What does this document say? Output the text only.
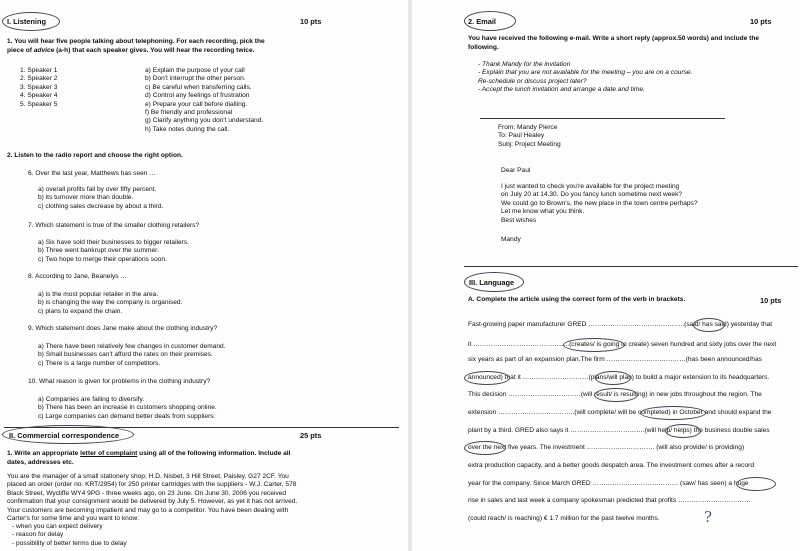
I. Listening	10 pts
1. You will hear five people talking about telephoning. For each recording, pick the
piece of advice (a-h) that each speaker gives. You will hear the recording twice.
1. Speaker 1
2. Speaker 2
3. Speaker 3
4. Speaker 4
5. Speaker 5
a) Explain the purpose of your call
b) Don't interrupt the other person.
c) Be careful when transferring calls.
d) Control any feelings of frustration
e) Prepare your call before dialling.
f) Be friendly and professional
g) Clarify anything you don't understand.
h) Take notes during the call.
2. Listen to the radio report and choose the right option.
6. Over the last year, Matthews has seen …
a) overall profits fall by over fifty percent.
b) its turnover more than double.
c) clothing sales decrease by about a third.
7. Which statement is true of the smaller clothing retailers?
a) Six have sold their businesses to bigger retailers.
b) Three went bankrupt over the summer.
c) Two hope to merge their operations soon.
8. According to Jane, Beanelys …
a) is the most popular retailer in the area.
b) is changing the way the company is organised.
c) plans to expand the chain.
9. Which statement does Jane make about the clothing industry?
a) There have been relatively few changes in customer demand.
b) Small businesses can't afford the rates on their premises.
c) There is a large number of competitors.
10. What reason is given for problems in the clothing industry?
a) Companies are failing to diversify.
b) There has been an increase in customers shopping online.
c) Large companies can demand better deals from suppliers.
II. Commercial correspondence	25 pts
1. Write an appropriate letter of complaint using all of the following information. Include all
dates, addresses etc.
You are the manager of a small stationery shop; H.D. Nisbet, 3 Hill Street, Paisley, G27 2CF. You
placed an order (order no. KRT/2954) for 250 printer cartridges with the suppliers - W.J. Carter, 578
Black Street, Wycliffe WY4 9PG - three weeks ago, on 23 June. On June 30, 2006 you received
confirmation that your consignment would be delivered by July 5. However, as yet it has not arrived.
Your customers are becoming impatient and may go to a competitor. You have been dealing with
Carter's for some time and you want to know:
- when you can expect delivery
- reason for delay
- possibility of better terms due to delay
2. Email	10 pts
You have received the following e-mail. Write a short reply (approx.50 words) and include the
following.
- Thank Mandy for the invitation
- Explain that you are not available for the meeting – you are on a course.
Re-schedule or discuss project later?
- Accept the lunch invitation and arrange a date and time.
From: Mandy Pierce
To: Paul Healey
Subj: Project Meeting
Dear Paul
I just wanted to check you're available for the project meeting
on July 20 at 14.30. Do you fancy lunch sometime next week?
We could go to Brown's, the new place in the town centre perhaps?
Let me know what you think.
Best wishes
Mandy
III. Language
A. Complete the article using the correct form of the verb in brackets.	10 pts
Fast-growing paper manufacturer GRED ……………………………………..(said/ has said) yesterday that
it ……………………………………..(creates/ is going to create) seven hundred and sixty jobs over the next
six years as part of an expansion plan.The firm ………………………………(has been announced/has
announced) that it …………………………(plans/will plan) to build a major extension to its headquarters.
This decision ……………………………(will result/ is resulting) in new jobs throughout the region. The
extension ……………………………..(will complete/ will be completed) in October and should expand the
plant by a third. GRED also says it …………………………….(will help/ helps) the business double sales
over the next five years. The investment …………………………. (will also provide/ is providing)
extra production capacity, and a better goods despatch area. The investment comes after a record
year for the company. Since March GRED ………………………………… (saw/ has seen) a huge
rise in sales and last week a company spokesman predicted that profits ……………………………
(could reach/ is reaching) € 1.7 million for the past twelve months.	?
